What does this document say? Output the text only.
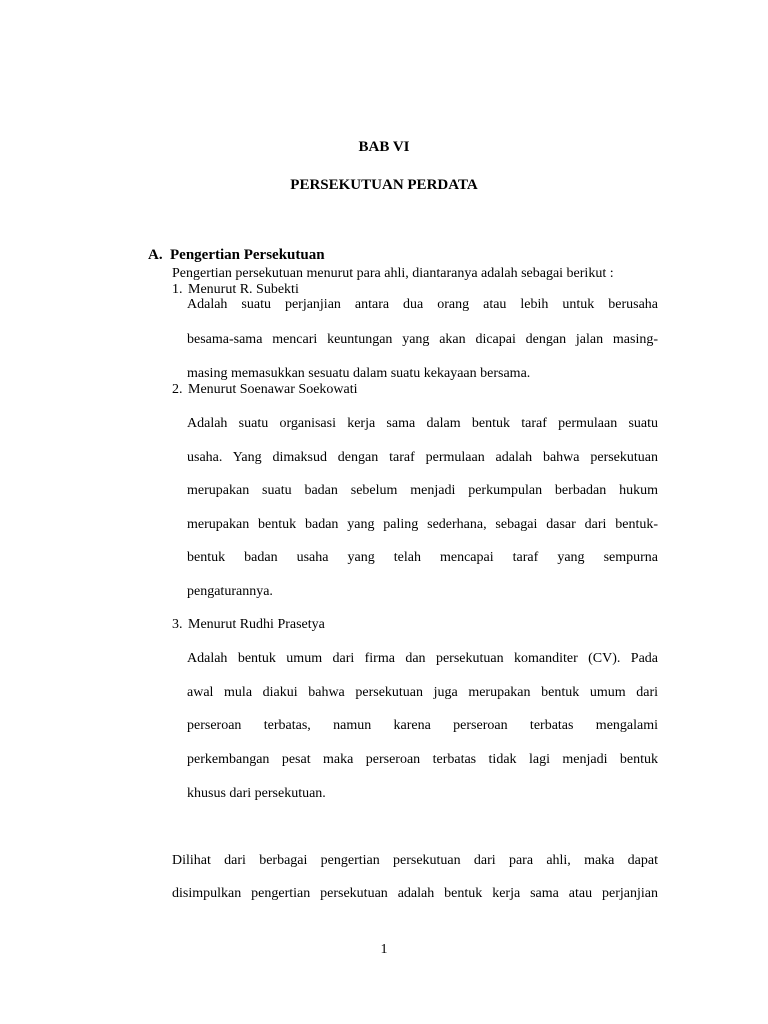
BAB VI
PERSEKUTUAN PERDATA
A. Pengertian Persekutuan
Pengertian persekutuan menurut para ahli, diantaranya adalah sebagai berikut :
1. Menurut R. Subekti
Adalah suatu perjanjian antara dua orang atau lebih untuk berusaha
besama-sama mencari keuntungan yang akan dicapai dengan jalan masing-
masing memasukkan sesuatu dalam suatu kekayaan bersama.
2. Menurut Soenawar Soekowati
Adalah suatu organisasi kerja sama dalam bentuk taraf permulaan suatu
usaha. Yang dimaksud dengan taraf permulaan adalah bahwa persekutuan
merupakan suatu badan sebelum menjadi perkumpulan berbadan hukum
merupakan bentuk badan yang paling sederhana, sebagai dasar dari bentuk-
bentuk badan usaha yang telah mencapai taraf yang sempurna
pengaturannya.
3. Menurut Rudhi Prasetya
Adalah bentuk umum dari firma dan persekutuan komanditer (CV). Pada
awal mula diakui bahwa persekutuan juga merupakan bentuk umum dari
perseroan terbatas, namun karena perseroan terbatas mengalami
perkembangan pesat maka perseroan terbatas tidak lagi menjadi bentuk
khusus dari persekutuan.
Dilihat dari berbagai pengertian persekutuan dari para ahli, maka dapat
disimpulkan pengertian persekutuan adalah bentuk kerja sama atau perjanjian
1
